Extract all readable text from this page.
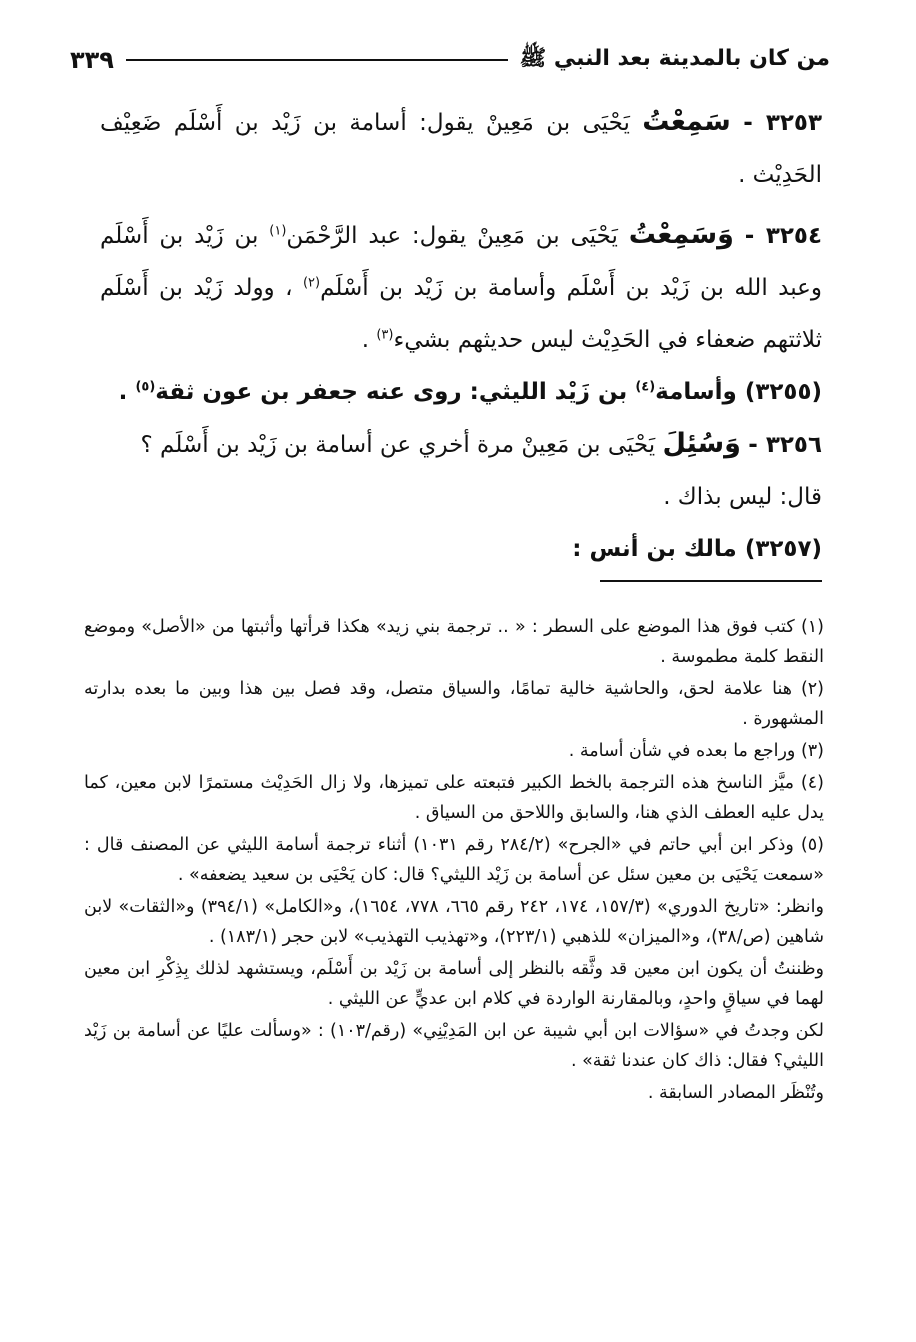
من كان بالمدينة بعد النبي ﷺ
٣٣٩

٣٢٥٣ - سَمِعْتُ يَحْيَى بن مَعِينْ يقول: أسامة بن زَيْد بن أَسْلَم ضَعِيْف الحَدِيْث .

٣٢٥٤ - وَسَمِعْتُ يَحْيَى بن مَعِينْ يقول: عبد الرَّحْمَن$^{(١)}$ بن زَيْد بن أَسْلَم وعبد الله بن زَيْد بن أَسْلَم وأسامة بن زَيْد بن أَسْلَم$^{(٢)}$ ، وولد زَيْد بن أَسْلَم ثلاثتهم ضعفاء في الحَدِيْث ليس حديثهم بشيء$^{(٣)}$ .

(٣٢٥٥) وأسامة$^{(٤)}$ بن زَيْد الليثي: روى عنه جعفر بن عون ثقة$^{(٥)}$ .

٣٢٥٦ - وَسُئِلَ يَحْيَى بن مَعِينْ مرة أخري عن أسامة بن زَيْد بن أَسْلَم ؟

قال: ليس بذاك .

(٣٢٥٧) مالك بن أنس :

(١) كتب فوق هذا الموضع على السطر : « .. ترجمة بني زيد» هكذا قرأتها وأثبتها من «الأصل» وموضع النقط كلمة مطموسة .

(٢) هنا علامة لحق، والحاشية خالية تمامًا، والسياق متصل، وقد فصل بين هذا وبين ما بعده بدارته المشهورة .

(٣) وراجع ما بعده في شأن أسامة .

(٤) ميَّز الناسخ هذه الترجمة بالخط الكبير فتبعته على تميزها، ولا زال الحَدِيْث مستمرًا لابن معين، كما يدل عليه العطف الذي هنا، والسابق واللاحق من السياق .

(٥) وذكر ابن أبي حاتم في «الجرح» (٢٨٤/٢ رقم ١٠٣١) أثناء ترجمة أسامة الليثي عن المصنف قال : «سمعت يَحْيَى بن معين سئل عن أسامة بن زَيْد الليثي؟ قال: كان يَحْيَى بن سعيد يضعفه» .

وانظر: «تاريخ الدوري» (١٥٧/٣، ١٧٤، ٢٤٢ رقم ٦٦٥، ٧٧٨، ١٦٥٤)، و«الكامل» (٣٩٤/١) و«الثقات» لابن شاهين (ص/٣٨)، و«الميزان» للذهبي (٢٢٣/١)، و«تهذيب التهذيب» لابن حجر (١٨٣/١) .

وظننتُ أن يكون ابن معين قد وثَّقه بالنظر إلى أسامة بن زَيْد بن أَسْلَم، ويستشهد لذلك بِذِكْرِ ابن معين لهما في سياقٍ واحدٍ، وبالمقارنة الواردة في كلام ابن عديٍّ عن الليثي .

لكن وجدتُ في «سؤالات ابن أبي شيبة عن ابن المَدِيْنِي» (رقم/١٠٣) : «وسألت عليًا عن أسامة بن زَيْد الليثي؟ فقال: ذاك كان عندنا ثقة» .

وتُنْظَر المصادر السابقة .
